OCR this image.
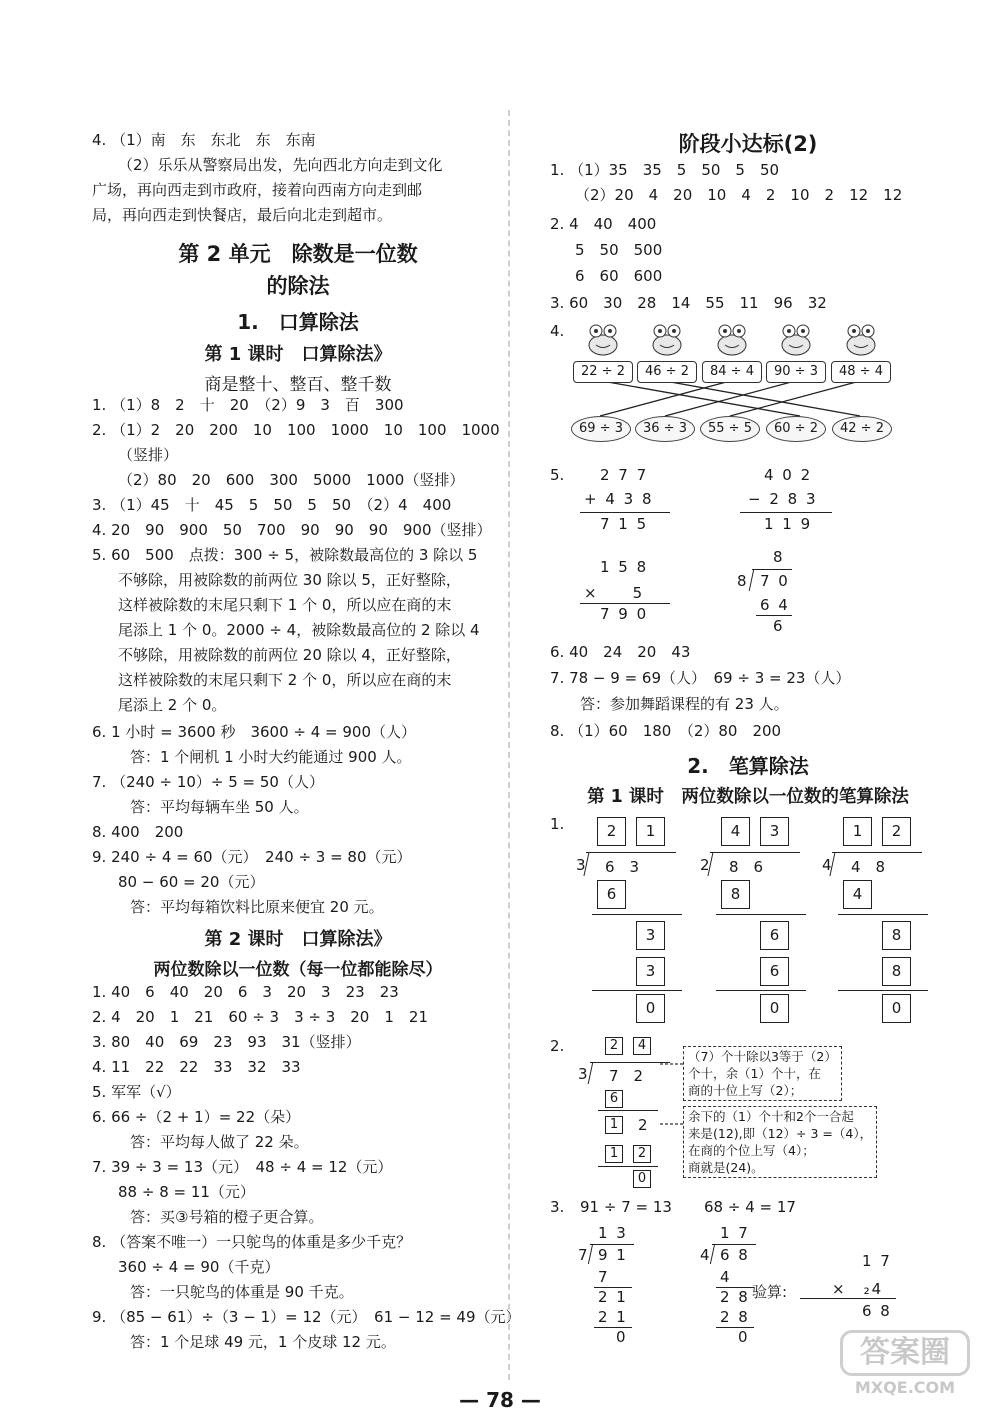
4. （1）南　东　东北　东　东南
（2）乐乐从警察局出发，先向西北方向走到文化
广场，再向西走到市政府，接着向西南方向走到邮
局，再向西走到快餐店，最后向北走到超市。
第 2 单元　除数是一位数
的除法
1.　口算除法
第 1 课时　口算除法》
商是整十、整百、整千数
1. （1）8　2　十　20　（2）9　3　百　300
2. （1）2　20　200　10　100　1000　10　100　1000
（竖排）
（2）80　20　600　300　5000　1000（竖排）
3. （1）45　十　45　5　50　5　50　（2）4　400
4. 20　90　900　50　700　90　90　90　900（竖排）
5. 60　500　点拨：300 ÷ 5，被除数最高位的 3 除以 5
不够除，用被除数的前两位 30 除以 5，正好整除，
这样被除数的末尾只剩下 1 个 0，所以应在商的末
尾添上 1 个 0。2000 ÷ 4，被除数最高位的 2 除以 4
不够除，用被除数的前两位 20 除以 4，正好整除，
这样被除数的末尾只剩下 2 个 0，所以应在商的末
尾添上 2 个 0。
6. 1 小时 = 3600 秒　3600 ÷ 4 = 900（人）
答：1 个闸机 1 小时大约能通过 900 人。
7. （240 ÷ 10）÷ 5 = 50（人）
答：平均每辆车坐 50 人。
8. 400　200
9. 240 ÷ 4 = 60（元）　240 ÷ 3 = 80（元）
80 − 60 = 20（元）
答：平均每箱饮料比原来便宜 20 元。
第 2 课时　口算除法》
两位数除以一位数（每一位都能除尽）
1. 40　6　40　20　6　3　20　3　23　23
2. 4　20　1　21　60 ÷ 3　3 ÷ 3　20　1　21
3. 80　40　69　23　93　31（竖排）
4. 11　22　22　33　32　33
5. 军军（√）
6. 66 ÷（2 + 1）= 22（朵）
答：平均每人做了 22 朵。
7. 39 ÷ 3 = 13（元）　48 ÷ 4 = 12（元）
88 ÷ 8 = 11（元）
答：买③号箱的橙子更合算。
8. （答案不唯一）一只鸵鸟的体重是多少千克？
360 ÷ 4 = 90（千克）
答：一只鸵鸟的体重是 90 千克。
9. （85 − 61）÷（3 − 1）= 12（元）　61 − 12 = 49（元）
答：1 个足球 49 元，1 个皮球 12 元。
阶段小达标(2)
1. （1）35　35　5　50　5　50
（2）20　4　20　10　4　2　10　2　12　12
2. 4　40　400
5　50　500
6　60　600
3. 60　30　28　14　55　11　96　32
4.
22 ÷ 2	46 ÷ 2	84 ÷ 4	90 ÷ 3	48 ÷ 4
69 ÷ 3	36 ÷ 3	55 ÷ 5	60 ÷ 2	42 ÷ 2
5. 2 7 7
+ 4 3 8
7 1 5
4 0 2
− 2 8 3
1 1 9
1 5 8
×　　5
7 9 0
8
8 7 0
6 4
6
6. 40　24　20　43
7. 78 − 9 = 69（人）　69 ÷ 3 = 23（人）
答：参加舞蹈课程的有 23 人。
8. （1）60　180　（2）80　200
2.　笔算除法
第 1 课时　两位数除以一位数的笔算除法
1.	2	1
3 6　3
6
3
3
0
4	3
2 8　6
8
6
6
0
1	2
4 4　8
4
8
8
0
2.	2	4
3 7　2
6
1	2
1	2
0
（7）个十除以3等于（2）
个十，余（1）个十，在
商的十位上写（2）；
余下的（1）个十和2个一合起
来是(12),即（12）÷ 3 =（4），
在商的个位上写（4）；
商就是(24)。
3. 91 ÷ 7 = 13 68 ÷ 4 = 17
1 3
7 9 1
7
2 1
2 1
0
1 7
4 6 8
4
2 8
2 8
0
验算:
1 7
×　₂4
6 8
— 78 —
答案圈
MXQE.COM
